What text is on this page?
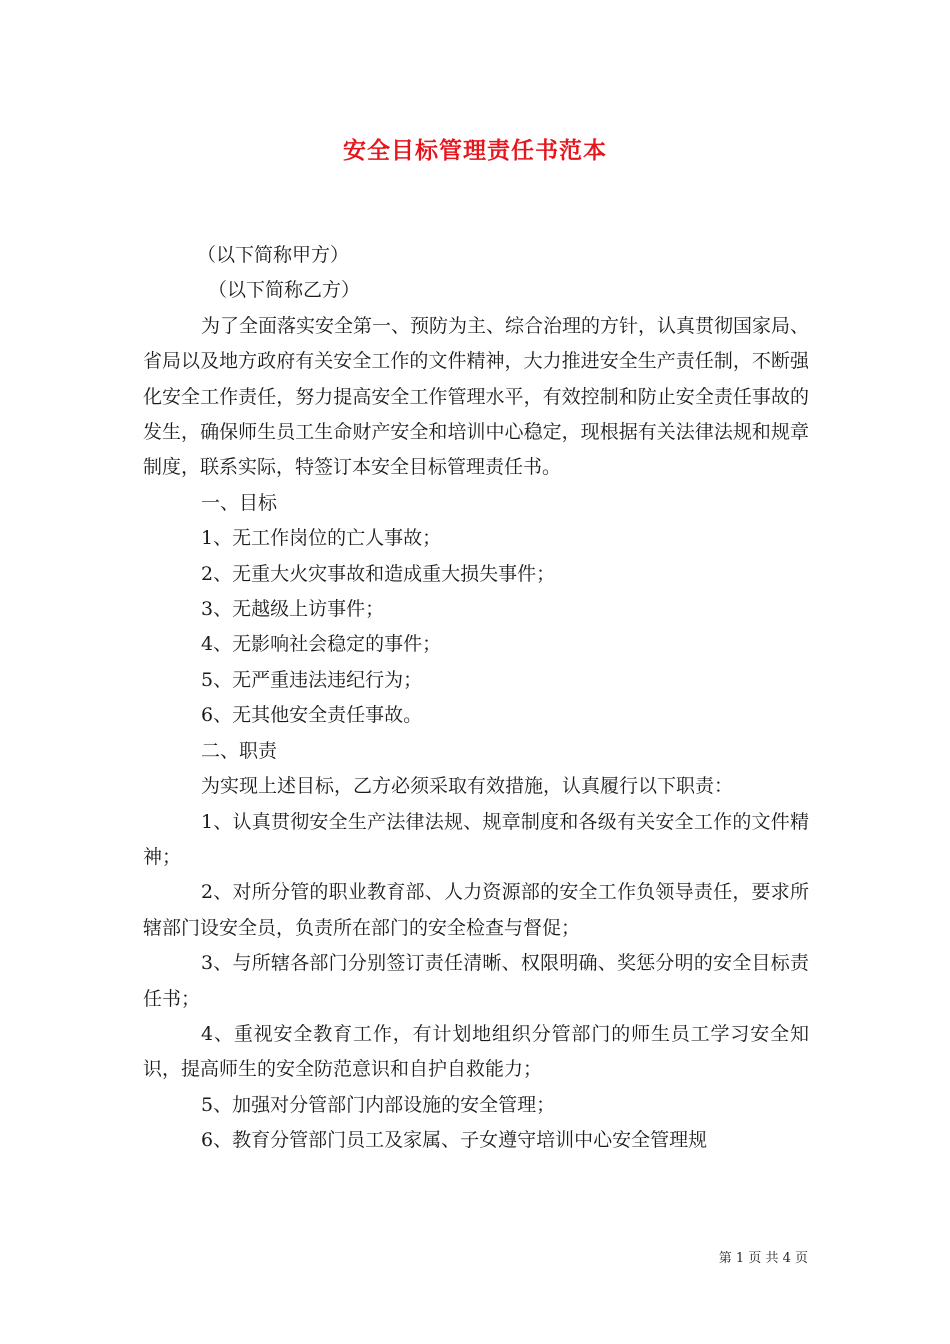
安全目标管理责任书范本

（以下简称甲方）

（以下简称乙方）

为了全面落实安全第一、预防为主、综合治理的方针，认真贯彻国家局、省局以及地方政府有关安全工作的文件精神，大力推进安全生产责任制，不断强化安全工作责任，努力提高安全工作管理水平，有效控制和防止安全责任事故的发生，确保师生员工生命财产安全和培训中心稳定，现根据有关法律法规和规章制度，联系实际，特签订本安全目标管理责任书。

一、目标

1、无工作岗位的亡人事故；

2、无重大火灾事故和造成重大损失事件；

3、无越级上访事件；

4、无影响社会稳定的事件；

5、无严重违法违纪行为；

6、无其他安全责任事故。

二、职责

为实现上述目标，乙方必须采取有效措施，认真履行以下职责：

1、认真贯彻安全生产法律法规、规章制度和各级有关安全工作的文件精神；

2、对所分管的职业教育部、人力资源部的安全工作负领导责任，要求所辖部门设安全员，负责所在部门的安全检查与督促；

3、与所辖各部门分别签订责任清晰、权限明确、奖惩分明的安全目标责任书；

4、重视安全教育工作，有计划地组织分管部门的师生员工学习安全知识，提高师生的安全防范意识和自护自救能力；

5、加强对分管部门内部设施的安全管理；

6、教育分管部门员工及家属、子女遵守培训中心安全管理规

第 1 页 共 4 页
